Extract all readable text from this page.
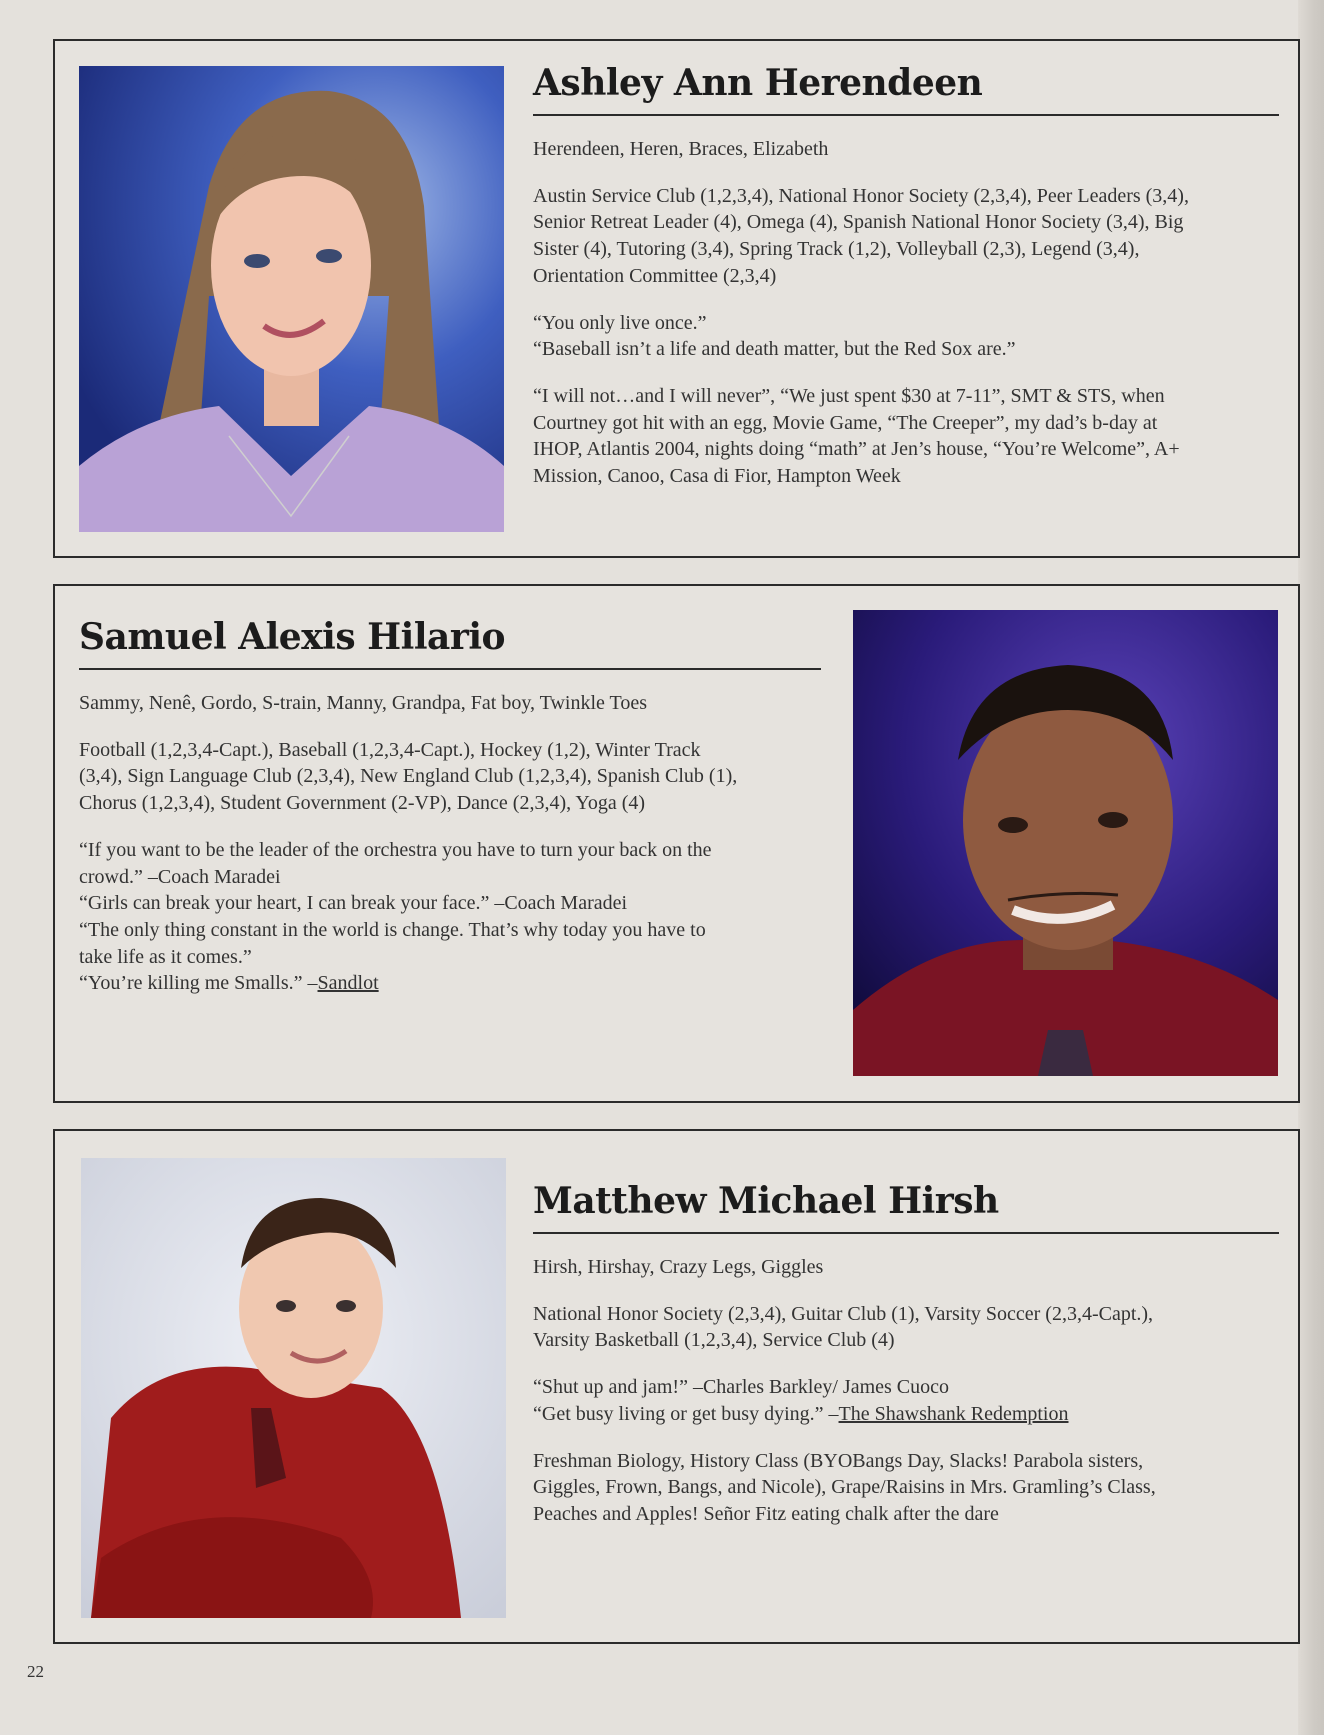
Ashley Ann Herendeen

Herendeen, Heren, Braces, Elizabeth

Austin Service Club (1,2,3,4), National Honor Society (2,3,4), Peer Leaders (3,4),
Senior Retreat Leader (4), Omega (4), Spanish National Honor Society (3,4), Big
Sister (4), Tutoring (3,4), Spring Track (1,2), Volleyball (2,3), Legend (3,4),
Orientation Committee (2,3,4)

“You only live once.”
“Baseball isn’t a life and death matter, but the Red Sox are.”

“I will not…and I will never”, “We just spent $30 at 7-11”, SMT & STS, when
Courtney got hit with an egg, Movie Game, “The Creeper”, my dad’s b-day at
IHOP, Atlantis 2004, nights doing “math” at Jen’s house, “You’re Welcome”, A+
Mission, Canoo, Casa di Fior, Hampton Week

Samuel Alexis Hilario

Sammy, Nenê, Gordo, S-train, Manny, Grandpa, Fat boy, Twinkle Toes

Football (1,2,3,4-Capt.), Baseball (1,2,3,4-Capt.), Hockey (1,2), Winter Track
(3,4), Sign Language Club (2,3,4), New England Club (1,2,3,4), Spanish Club (1),
Chorus (1,2,3,4), Student Government (2-VP), Dance (2,3,4), Yoga (4)

“If you want to be the leader of the orchestra you have to turn your back on the
crowd.” –Coach Maradei
“Girls can break your heart, I can break your face.” –Coach Maradei
“The only thing constant in the world is change. That’s why today you have to
take life as it comes.”
“You’re killing me Smalls.” –Sandlot

Matthew Michael Hirsh

Hirsh, Hirshay, Crazy Legs, Giggles

National Honor Society (2,3,4), Guitar Club (1), Varsity Soccer (2,3,4-Capt.),
Varsity Basketball (1,2,3,4), Service Club (4)

“Shut up and jam!” –Charles Barkley/ James Cuoco
“Get busy living or get busy dying.” –The Shawshank Redemption

Freshman Biology, History Class (BYOBangs Day, Slacks! Parabola sisters,
Giggles, Frown, Bangs, and Nicole), Grape/Raisins in Mrs. Gramling’s Class,
Peaches and Apples! Señor Fitz eating chalk after the dare

22
